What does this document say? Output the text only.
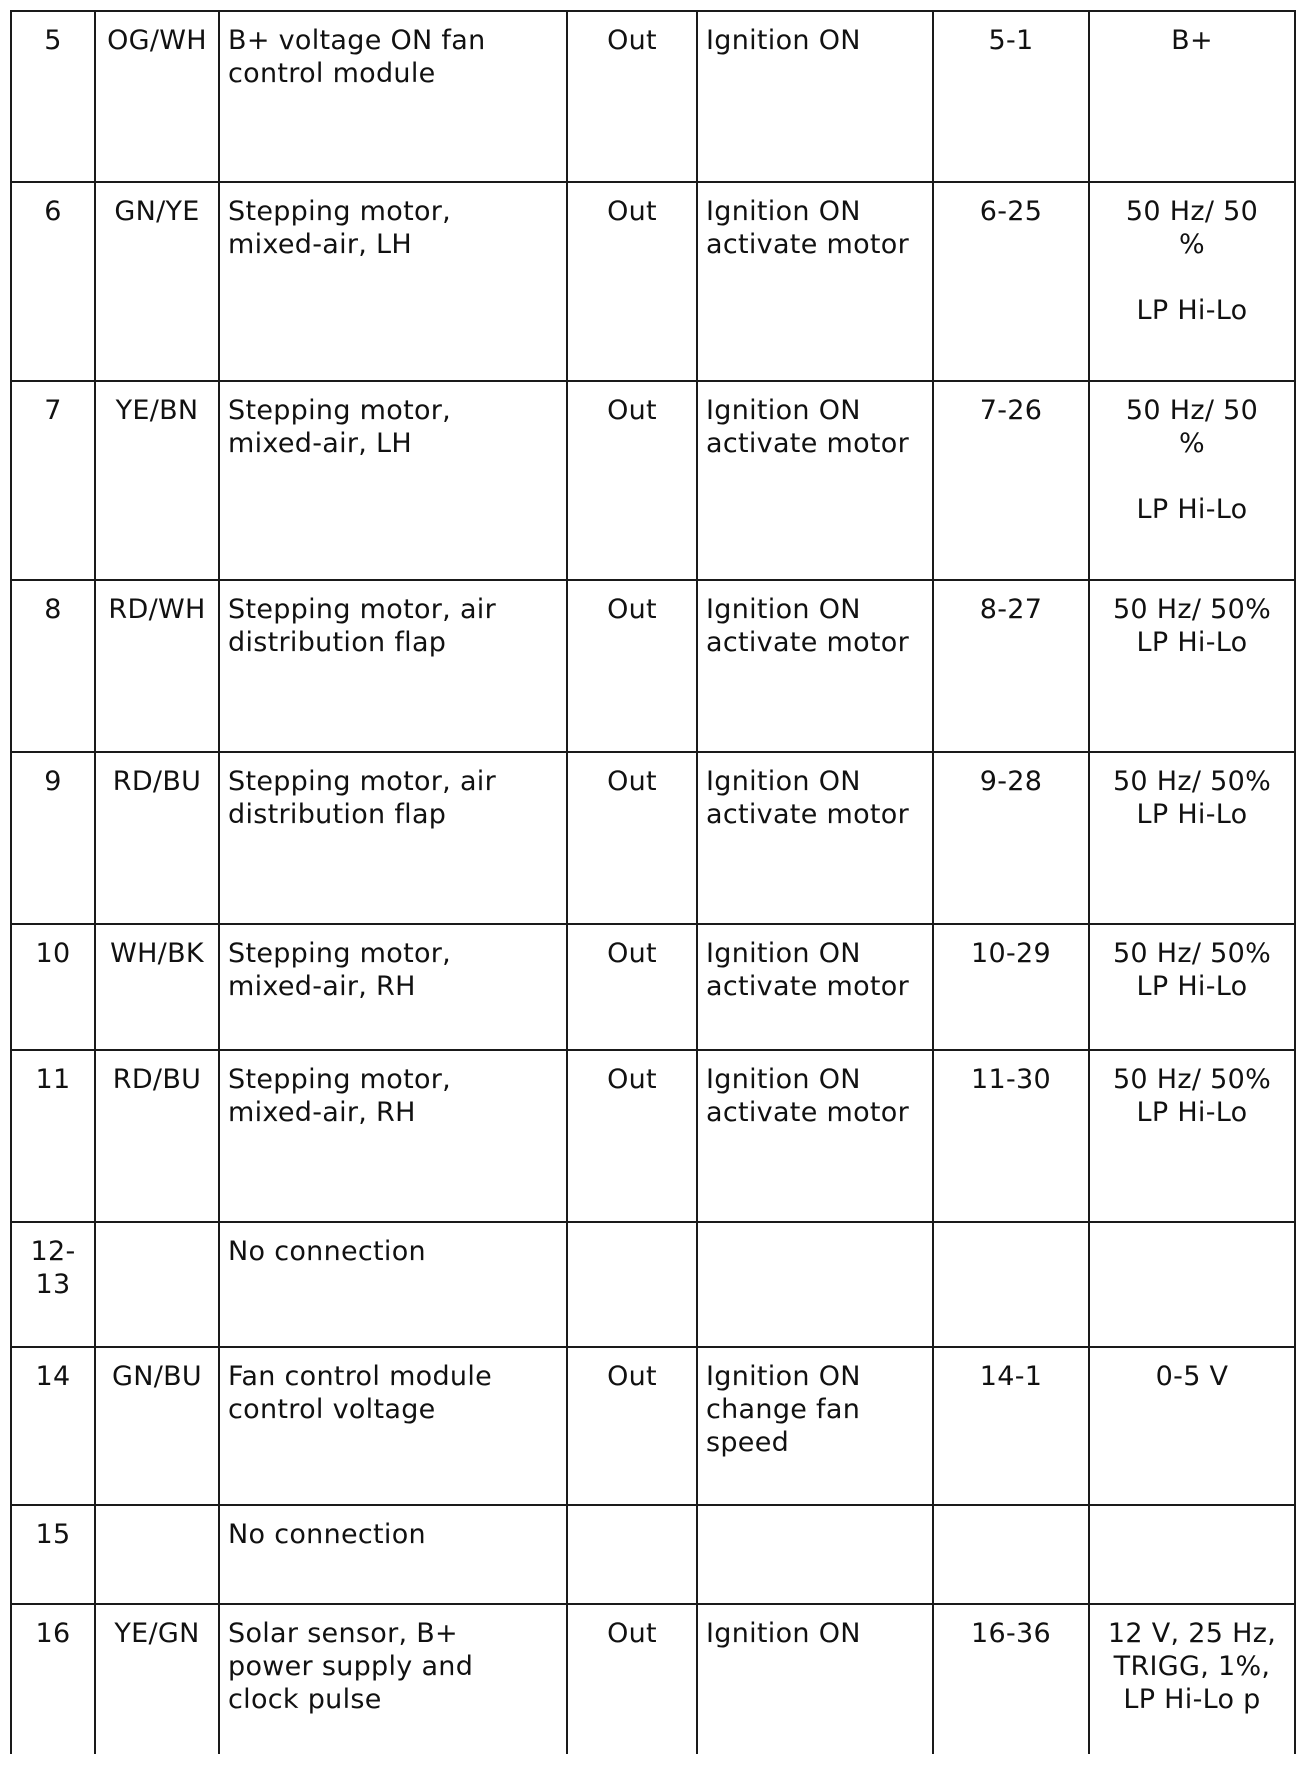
5	OG/WH	B+ voltage ON fan
control module	Out	Ignition ON	5-1	B+

6	GN/YE	Stepping motor,
mixed-air, LH	Out	Ignition ON
activate motor	6-25	50 Hz/ 50
%
LP Hi-Lo

7	YE/BN	Stepping motor,
mixed-air, LH	Out	Ignition ON
activate motor	7-26	50 Hz/ 50
%
LP Hi-Lo

8	RD/WH	Stepping motor, air
distribution flap	Out	Ignition ON
activate motor	8-27	50 Hz/ 50%
LP Hi-Lo

9	RD/BU	Stepping motor, air
distribution flap	Out	Ignition ON
activate motor	9-28	50 Hz/ 50%
LP Hi-Lo

10	WH/BK	Stepping motor,
mixed-air, RH	Out	Ignition ON
activate motor	10-29	50 Hz/ 50%
LP Hi-Lo

11	RD/BU	Stepping motor,
mixed-air, RH	Out	Ignition ON
activate motor	11-30	50 Hz/ 50%
LP Hi-Lo

12-
13		No connection				

14	GN/BU	Fan control module
control voltage	Out	Ignition ON
change fan
speed	14-1	0-5 V

15		No connection				

16	YE/GN	Solar sensor, B+
power supply and
clock pulse	Out	Ignition ON	16-36	12 V, 25 Hz,
TRIGG, 1%,
LP Hi-Lo p
